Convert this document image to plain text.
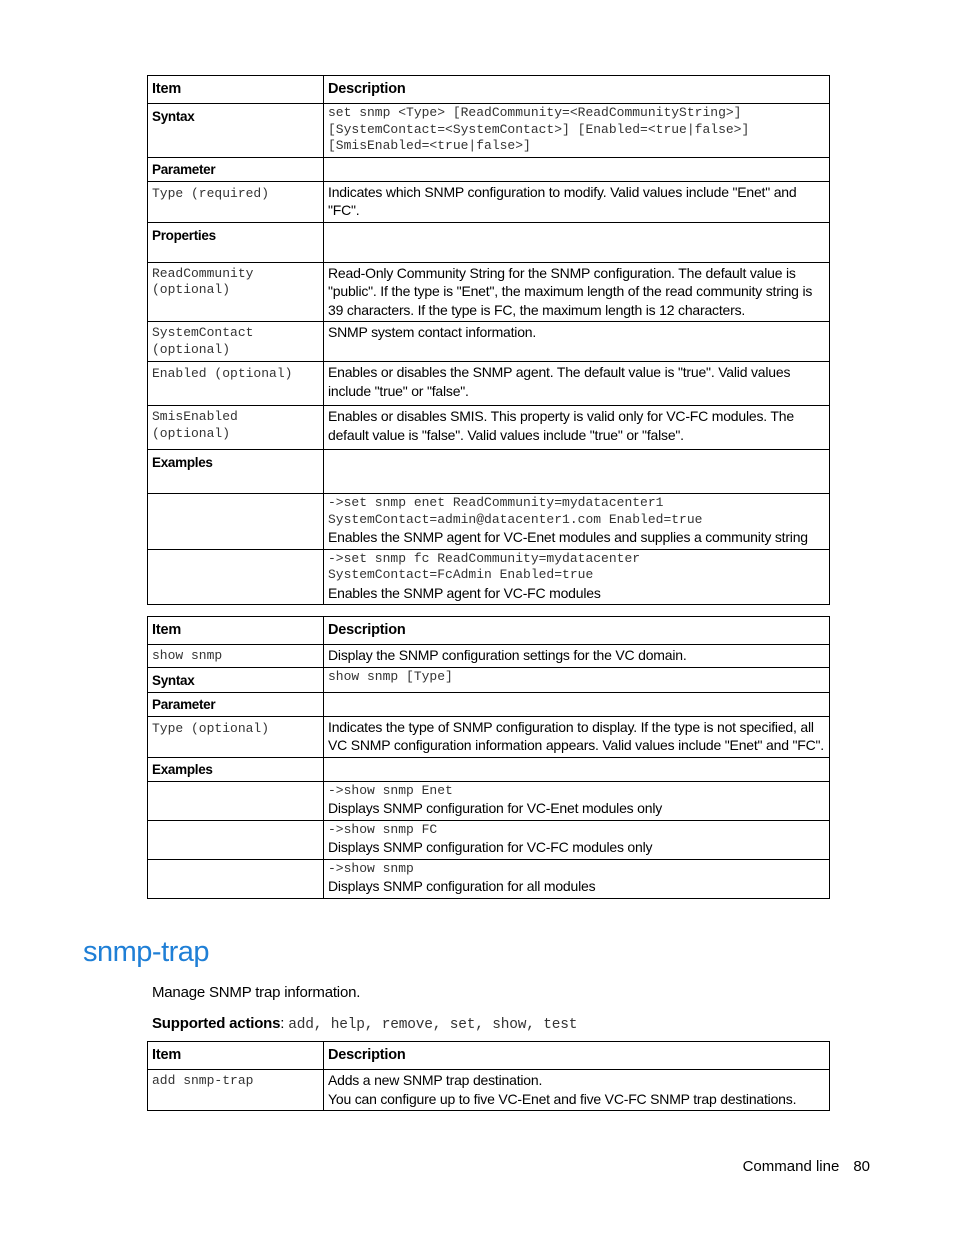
Item	Description
Syntax	set snmp <Type> [ReadCommunity=<ReadCommunityString>]
[SystemContact=<SystemContact>] [Enabled=<true|false>]
[SmisEnabled=<true|false>]

Parameter	

Type (required)	Indicates which SNMP configuration to modify. Valid values include "Enet" and "FC".
Properties	

ReadCommunity
(optional)	Read-Only Community String for the SNMP configuration. The default value is "public". If the type is "Enet", the maximum length of the read community string is 39 characters. If the type is FC, the maximum length is 12 characters.

SystemContact
(optional)	SNMP system contact information.

Enabled (optional)	Enables or disables the SNMP agent. The default value is "true". Valid values include "true" or "false".

SmisEnabled
(optional)	Enables or disables SMIS. This property is valid only for VC-FC modules. The default value is "false". Valid values include "true" or "false".
Examples	

	->set snmp enet ReadCommunity=mydatacenter1
SystemContact=admin@datacenter1.com Enabled=true
Enables the SNMP agent for VC-Enet modules and supplies a community string

	->set snmp fc ReadCommunity=mydatacenter
SystemContact=FcAdmin Enabled=true
Enables the SNMP agent for VC-FC modules
Item	Description

show snmp	Display the SNMP configuration settings for the VC domain.
Syntax	show snmp [Type]

Parameter	

Type (optional)	Indicates the type of SNMP configuration to display. If the type is not specified, all VC SNMP configuration information appears. Valid values include "Enet" and "FC".
Examples	

	->show snmp Enet
Displays SNMP configuration for VC-Enet modules only

	->show snmp FC
Displays SNMP configuration for VC-FC modules only

	->show snmp
Displays SNMP configuration for all modules
snmp-trap
Manage SNMP trap information.
Supported actions: add, help, remove, set, show, test
Item	Description

add snmp-trap	Adds a new SNMP trap destination.
You can configure up to five VC-Enet and five VC-FC SNMP trap destinations.
Command line 80
